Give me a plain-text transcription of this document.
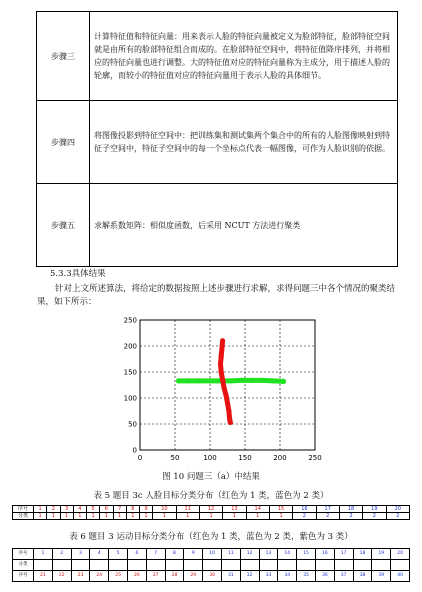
步骤三	计算特征值和特征向量：用来表示人脸的特征向量被定义为脸部特征，脸部特征空间就是由所有的脸部特征组合而成的。在脸部特征空间中，将特征值降序排列，并将相应的特征向量也进行调整。大的特征值对应的特征向量称为主成分，用于描述人脸的轮廓，而较小的特征值对应的特征向量用于表示人脸的具体细节。
步骤四	将图像投影到特征空间中：把训练集和测试集两个集合中的所有的人脸图像映射到特征子空间中，特征子空间中的每一个坐标点代表一幅图像，可作为人脸识别的依据。
步骤五	求解系数矩阵：相似度函数，后采用 NCUT 方法进行聚类
5.3.3具体结果
针对上文所述算法，将给定的数据按照上述步骤进行求解，求得问题三中各个情况的聚类结果，如下所示：
0
0
50
50
100
100
150
150
200
200
250
250
图 10 问题三（a）中结果
表 5 题目 3c 人脸目标分类分布（红色为 1 类，蓝色为 2 类）
序号	1	2	3	4	5	6	7	8	9	10	11	12	13	14	15	16	17	18	19	20
分类	1	1	1	1	1	1	1	1	1	1	1	1	1	1	1	2	2	2	2	2
表 6 题目 3 运动目标分类分布（红色为 1 类，蓝色为 2 类，紫色为 3 类）
序号	1	2	3	4	5	6	7	8	9	10	11	12	13	14	15	16	17	18	19	20
分类																				
序号	21	22	23	24	25	26	27	28	29	30	31	32	33	34	35	36	37	38	39	40
